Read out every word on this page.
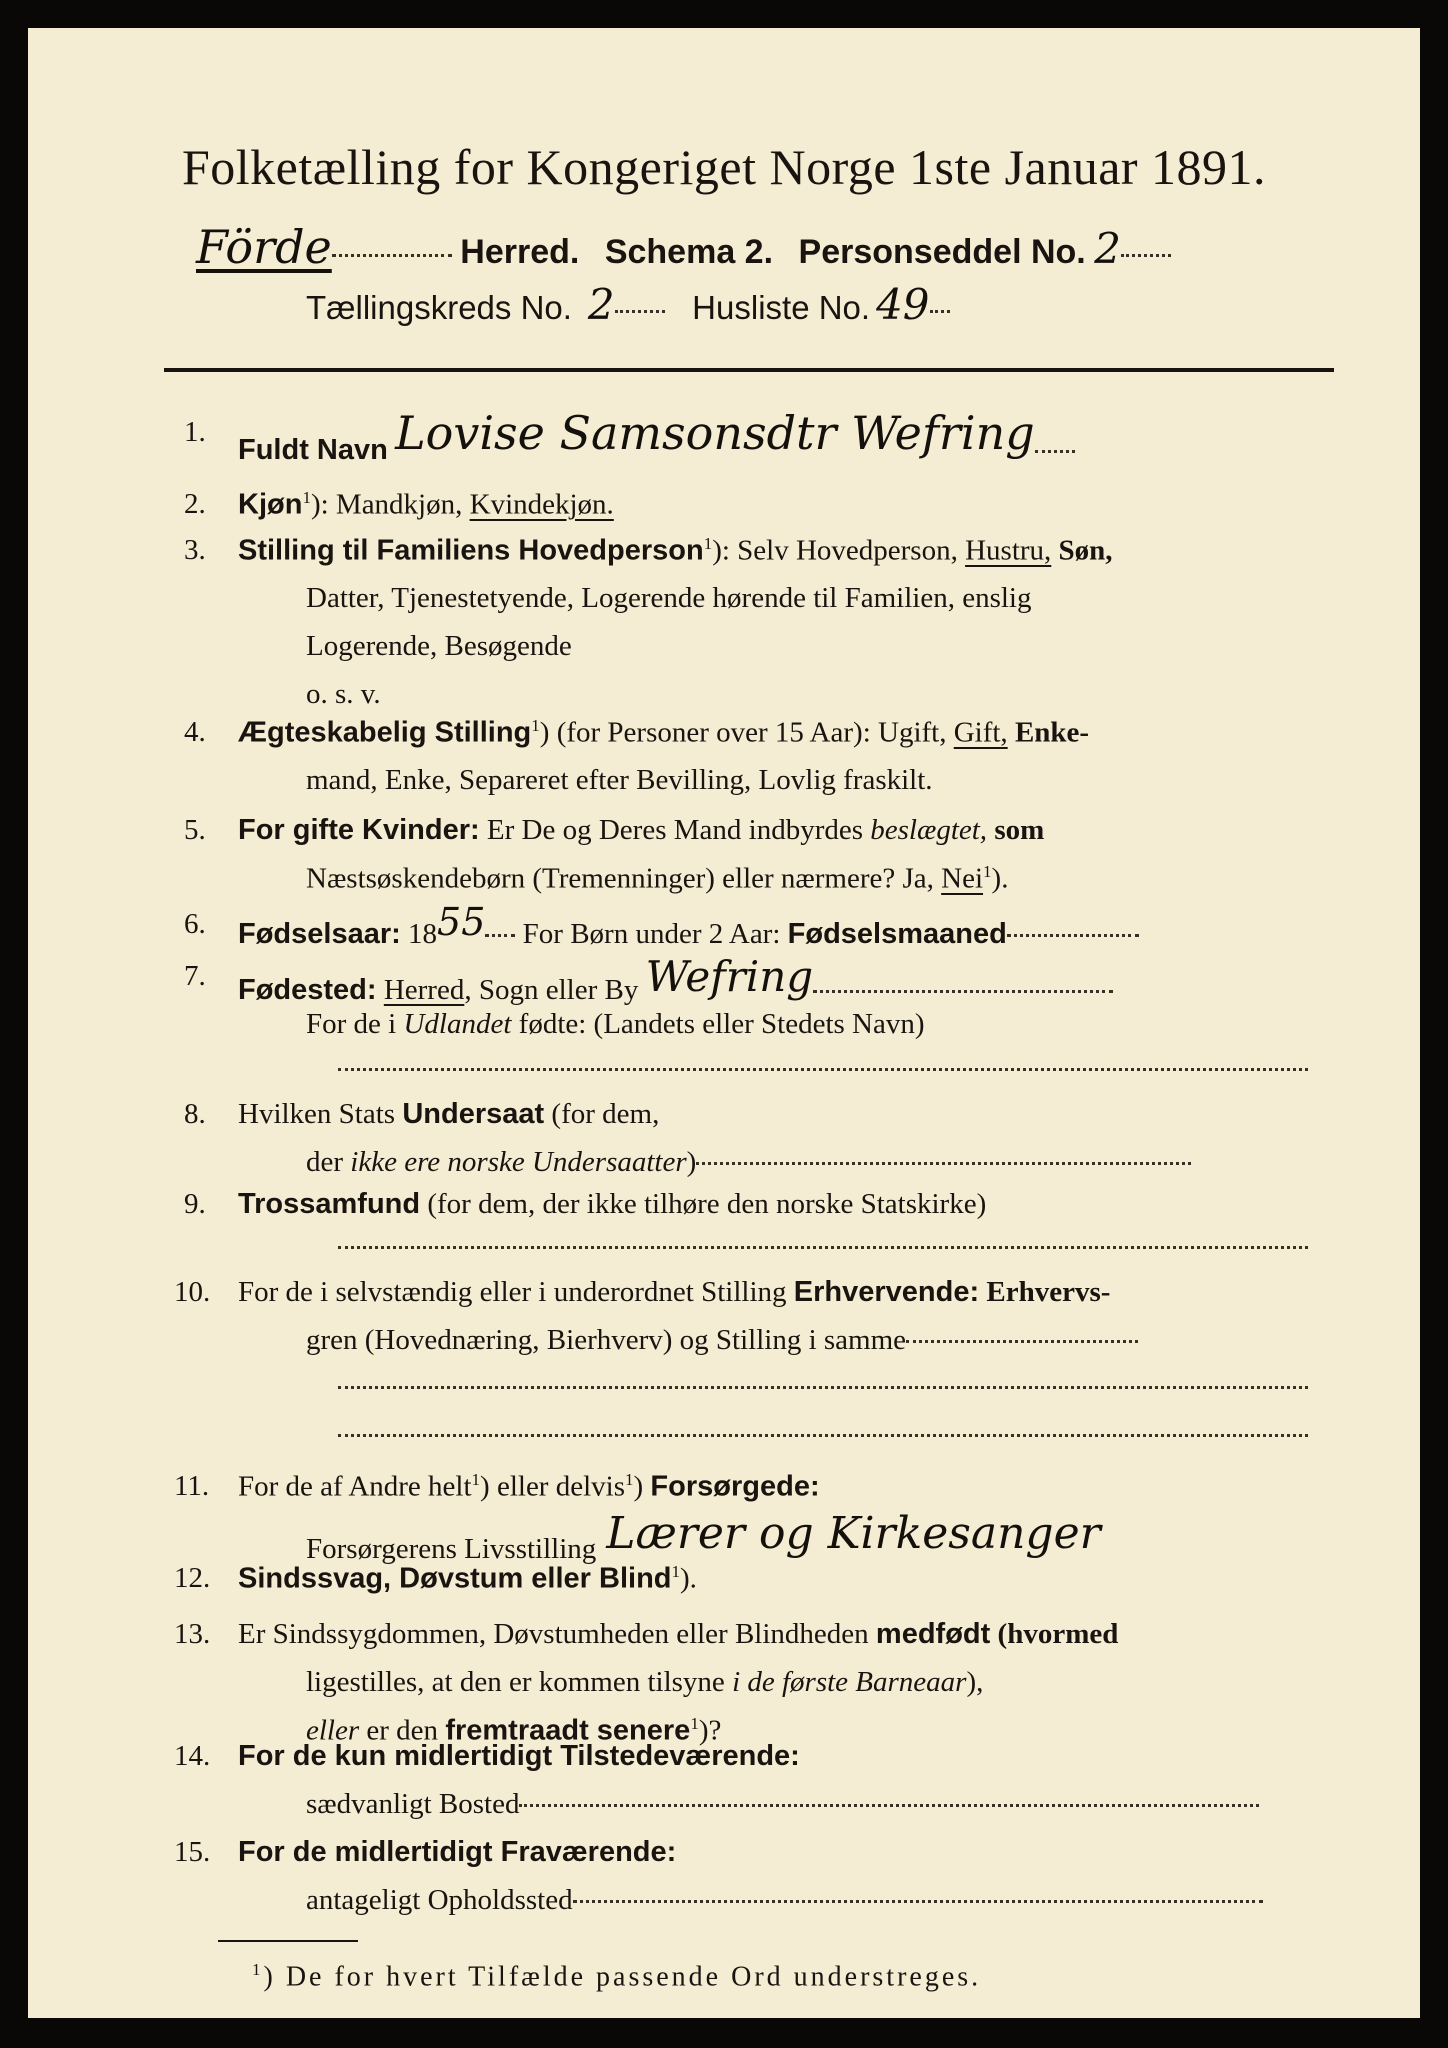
Folketælling for Kongeriget Norge 1ste Januar 1891.
Förde	Herred. Schema 2. Personseddel No. 2
Tællingskreds No. 2 Husliste No. 49
1.
Fuldt Navn Lovise Samsonsdtr Wefring
2. Kjøn$^1$): Mandkjøn, Kvindekjøn.
3. Stilling til Familiens Hovedperson$^1$): Selv Hovedperson, Hustru, Søn,
Datter, Tjenestetyende, Logerende hørende til Familien, enslig
Logerende, Besøgende
o. s. v.
4. Ægteskabelig Stilling$^1$) (for Personer over 15 Aar): Ugift, Gift, Enke-
mand, Enke, Separeret efter Bevilling, Lovlig fraskilt.
5. For gifte Kvinder: Er De og Deres Mand indbyrdes beslægtet, som
Næstsøskendebørn (Tremenninger) eller nærmere? Ja, Nei$^1$).
6. Fødselsaar: 1855 For Børn under 2 Aar: Fødselsmaaned
7. Fødested: Herred, Sogn eller By Wefring
For de i Udlandet fødte: (Landets eller Stedets Navn)
8. Hvilken Stats Undersaat (for dem,
der ikke ere norske Undersaatter)
9. Trossamfund (for dem, der ikke tilhøre den norske Statskirke)
10. For de i selvstændig eller i underordnet Stilling Erhvervende: Erhvervs-
gren (Hovednæring, Bierhverv) og Stilling i samme
11. For de af Andre helt$^1$) eller delvis$^1$) Forsørgede:
Forsørgerens Livsstilling Lærer og Kirkesanger
12. Sindssvag, Døvstum eller Blind$^1$).
13. Er Sindssygdommen, Døvstumheden eller Blindheden medfødt (hvormed
ligestilles, at den er kommen tilsyne i de første Barneaar),
eller er den fremtraadt senere$^1$)?
14. For de kun midlertidigt Tilstedeværende:
sædvanligt Bosted
15. For de midlertidigt Fraværende:
antageligt Opholdssted
$^1$) De for hvert Tilfælde passende Ord understreges.
